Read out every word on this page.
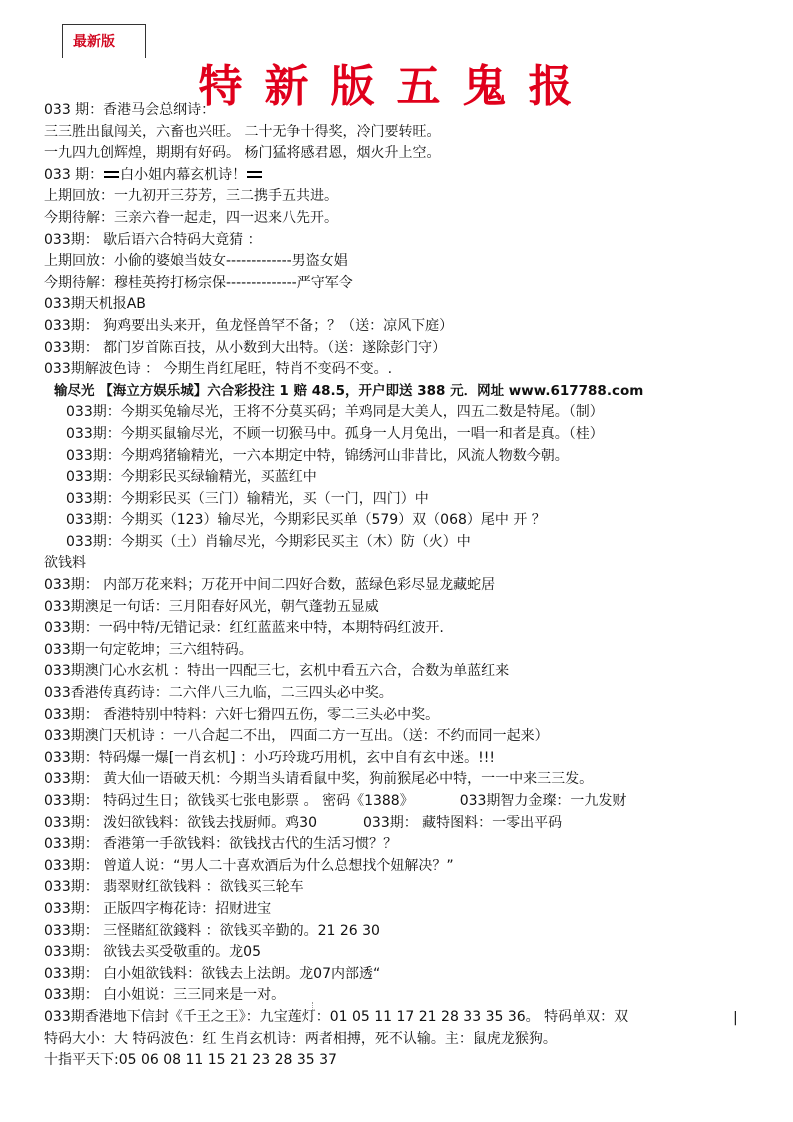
最新版
特新版五鬼报
033 期：香港马会总纲诗：
三三胜出鼠闯关，六畜也兴旺。 二十无争十得奖，冷门要转旺。
一九四九创辉煌，期期有好码。 杨门猛将感君恩，烟火升上空。
033 期： 白小姐内幕玄机诗！
上期回放：一九初开三芬芳，三二携手五共进。
今期待解：三亲六眷一起走，四一迟来八先开。
033期： 歇后语六合特码大竟猜 ：
上期回放：小偷的婆娘当妓女-------------男盗女娼
今期待解：穆桂英挎打杨宗保--------------严守军令
033期天机报AB
033期： 狗鸡要出头来开，鱼龙怪兽罕不备；？（送：凉风下庭）
033期： 都门岁首陈百技，从小数到大出特。（送：遂除彭门守）
033期解波色诗 ： 今期生肖红尾旺，特肖不变码不变。.
输尽光 【海立方娱乐城】六合彩投注 1 赔 48.5，开户即送 388 元．网址 www.617788.com
033期：今期买兔输尽光，王将不分莫买码；羊鸡同是大美人，四五二数是特尾。（制）
033期：今期买鼠输尽光，不顾一切猴马中。孤身一人月兔出，一唱一和者是真。（桂）
033期：今期鸡猪输精光，一六本期定中特，锦绣河山非昔比，风流人物数今朝。
033期：今期彩民买绿输精光，买蓝红中
033期：今期彩民买（三门）输精光，买（一门，四门）中
033期：今期买（123）输尽光，今期彩民买单（579）双（068）尾中 开 ？
033期：今期买（土）肖输尽光，今期彩民买主（木）防（火）中
欲钱料
033期： 内部万花来料；万花开中间二四好合数，蓝绿色彩尽显龙藏蛇居
033期澳足一句话：三月阳春好风光，朝气蓬勃五显威
033期：一码中特/无错记录：红红蓝蓝来中特，本期特码红波开.
033期一句定乾坤；三六组特码。
033期澳门心水玄机 ：特出一四配三七，玄机中看五六合，合数为单蓝红来
033香港传真药诗：二六伴八三九临，二三四头必中奖。
033期： 香港特别中特料：六奸七猾四五伤，零二三头必中奖。
033期澳门天机诗 ：一八合起二不出， 四面二方一互出。（送：不约而同一起来）
033期：特码爆一爆[一肖玄机] ：小巧玲珑巧用机，玄中自有玄中迷。!!!
033期： 黄大仙一语破天机：今期当头请看鼠中奖，狗前猴尾必中特，一一中来三三发。
033期： 特码过生日；欲钱买七张电影票 。 密码《1388》	033期智力金璨：一九发财
033期： 泼妇欲钱料：欲钱去找厨师。鸡30	033期： 藏特图料：一零出平码
033期： 香港第一手欲钱料：欲钱找古代的生活习惯？？
033期： 曾道人说：“男人二十喜欢酒后为什么总想找个妞解决？”
033期： 翡翠财红欲钱料 ：欲钱买三轮车
033期： 正版四字梅花诗：招财进宝
033期： 三怪賭紅欲錢料 ：欲钱买辛勤的。21 26 30
033期： 欲钱去买受敬重的。龙05
033期： 白小姐欲钱料：欲钱去上法朗。龙07内部透“
033期： 白小姐说：三三同来是一对。
033期香港地下信封《千王之王》：九宝莲灯：01 05 11 17 21 28 33 35 36。 特码单双：双
特码大小：大 特码波色：红 生肖玄机诗：两者相搏，死不认输。主：鼠虎龙猴狗。
十指平天下:05 06 08 11 15 21 23 28 35 37
|
